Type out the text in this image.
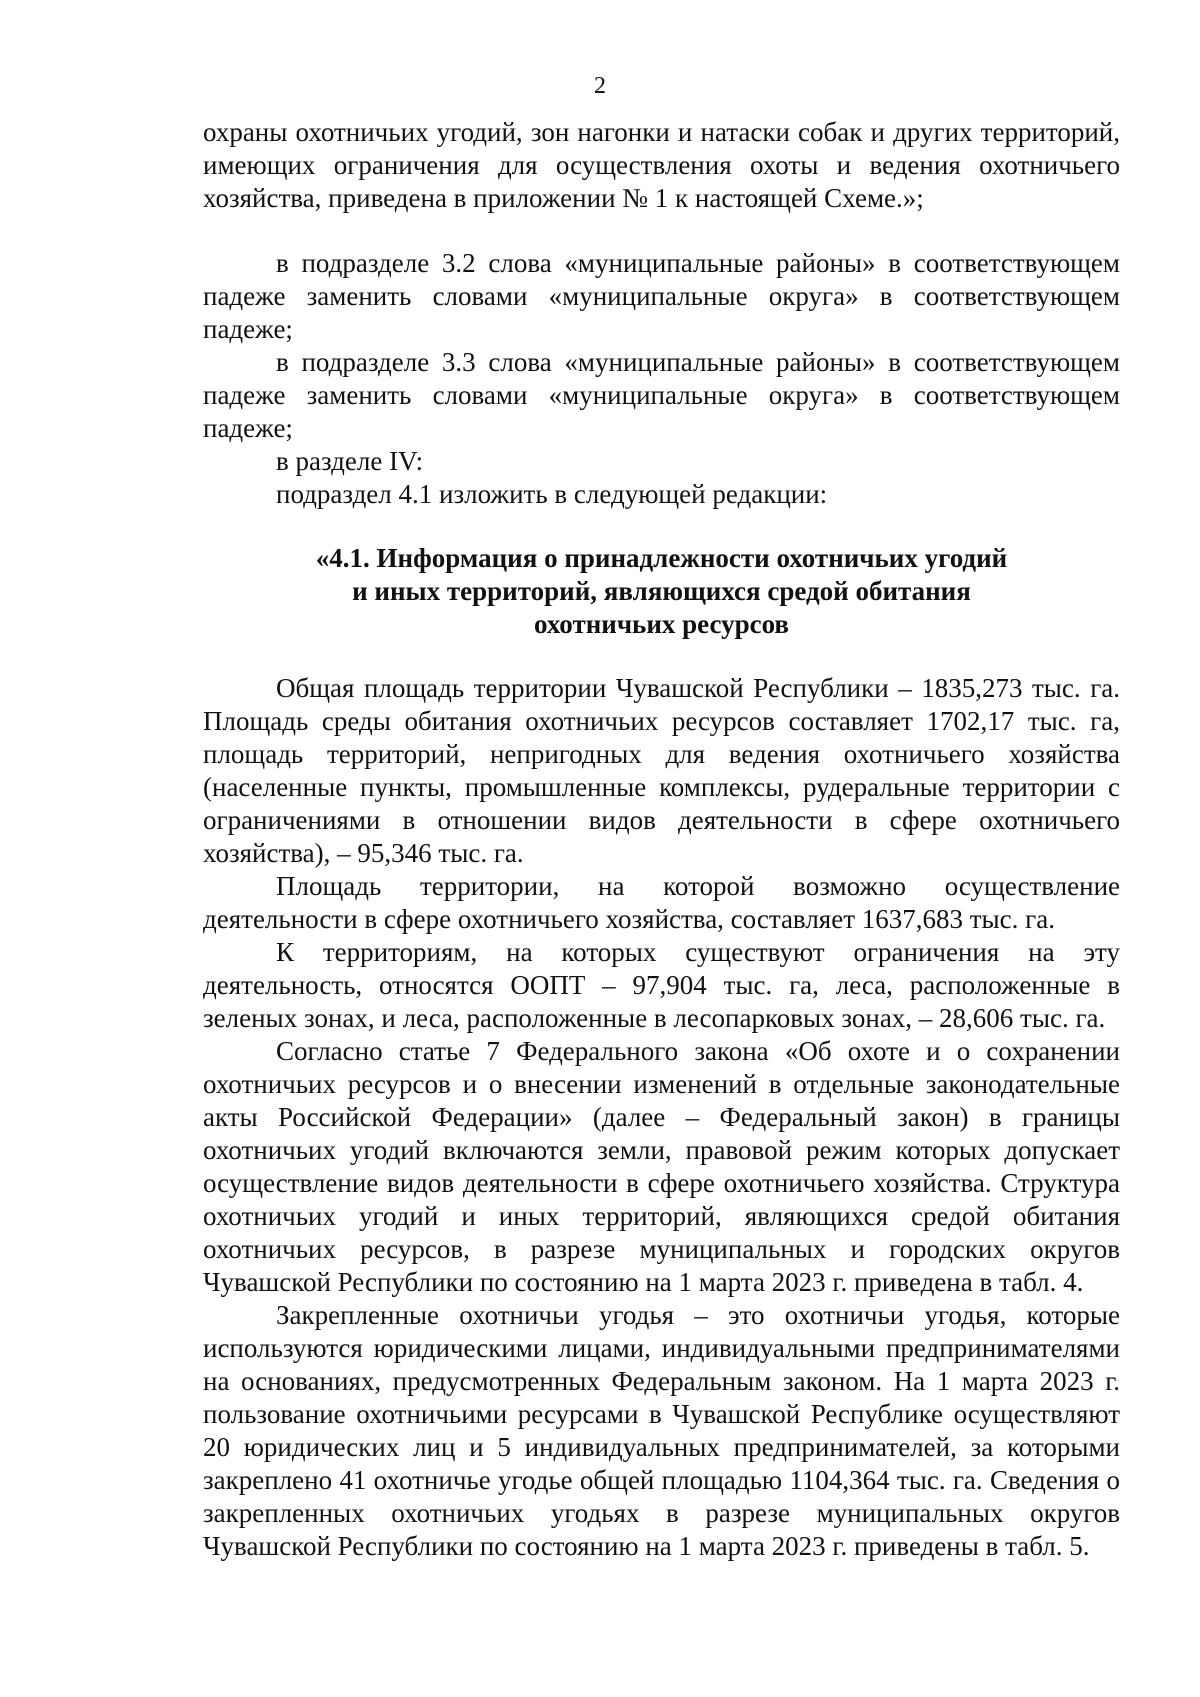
2

охраны охотничьих угодий, зон нагонки и натаски собак и других территорий, имеющих ограничения для осуществления охоты и ведения охотничьего хозяйства, приведена в приложении № 1 к настоящей Схеме.»;

в подразделе 3.2 слова «муниципальные районы» в соответствующем падеже заменить словами «муниципальные округа» в соответствующем падеже;

в подразделе 3.3 слова «муниципальные районы» в соответствующем падеже заменить словами «муниципальные округа» в соответствующем падеже;

в разделе IV:

подраздел 4.1 изложить в следующей редакции:

«4.1. Информация о принадлежности охотничьих угодий

и иных территорий, являющихся средой обитания

охотничьих ресурсов

Общая площадь территории Чувашской Республики – 1835,273 тыс. га. Площадь среды обитания охотничьих ресурсов составляет 1702,17 тыс. га, площадь территорий, непригодных для ведения охотничьего хозяйства (населенные пункты, промышленные комплексы, рудеральные территории с ограничениями в отношении видов деятельности в сфере охотничьего хозяйства), – 95,346 тыс. га.

Площадь территории, на которой возможно осуществление деятельности в сфере охотничьего хозяйства, составляет 1637,683 тыс. га.

К территориям, на которых существуют ограничения на эту деятельность, относятся ООПТ – 97,904 тыс. га, леса, расположенные в зеленых зонах, и леса, расположенные в лесопарковых зонах, – 28,606 тыс. га.

Согласно статье 7 Федерального закона «Об охоте и о сохранении охотничьих ресурсов и о внесении изменений в отдельные законодательные акты Российской Федерации» (далее – Федеральный закон) в границы охотничьих угодий включаются земли, правовой режим которых допускает осуществление видов деятельности в сфере охотничьего хозяйства. Структура охотничьих угодий и иных территорий, являющихся средой обитания охотничьих ресурсов, в разрезе муниципальных и городских округов Чувашской Республики по состоянию на 1 марта 2023 г. приведена в табл. 4.

Закрепленные охотничьи угодья – это охотничьи угодья, которые используются юридическими лицами, индивидуальными предпринимателями на основаниях, предусмотренных Федеральным законом. На 1 марта 2023 г. пользование охотничьими ресурсами в Чувашской Республике осуществляют 20 юридических лиц и 5 индивидуальных предпринимателей, за которыми закреплено 41 охотничье угодье общей площадью 1104,364 тыс. га. Сведения о закрепленных охотничьих угодьях в разрезе муниципальных округов Чувашской Республики по состоянию на 1 марта 2023 г. приведены в табл. 5.
